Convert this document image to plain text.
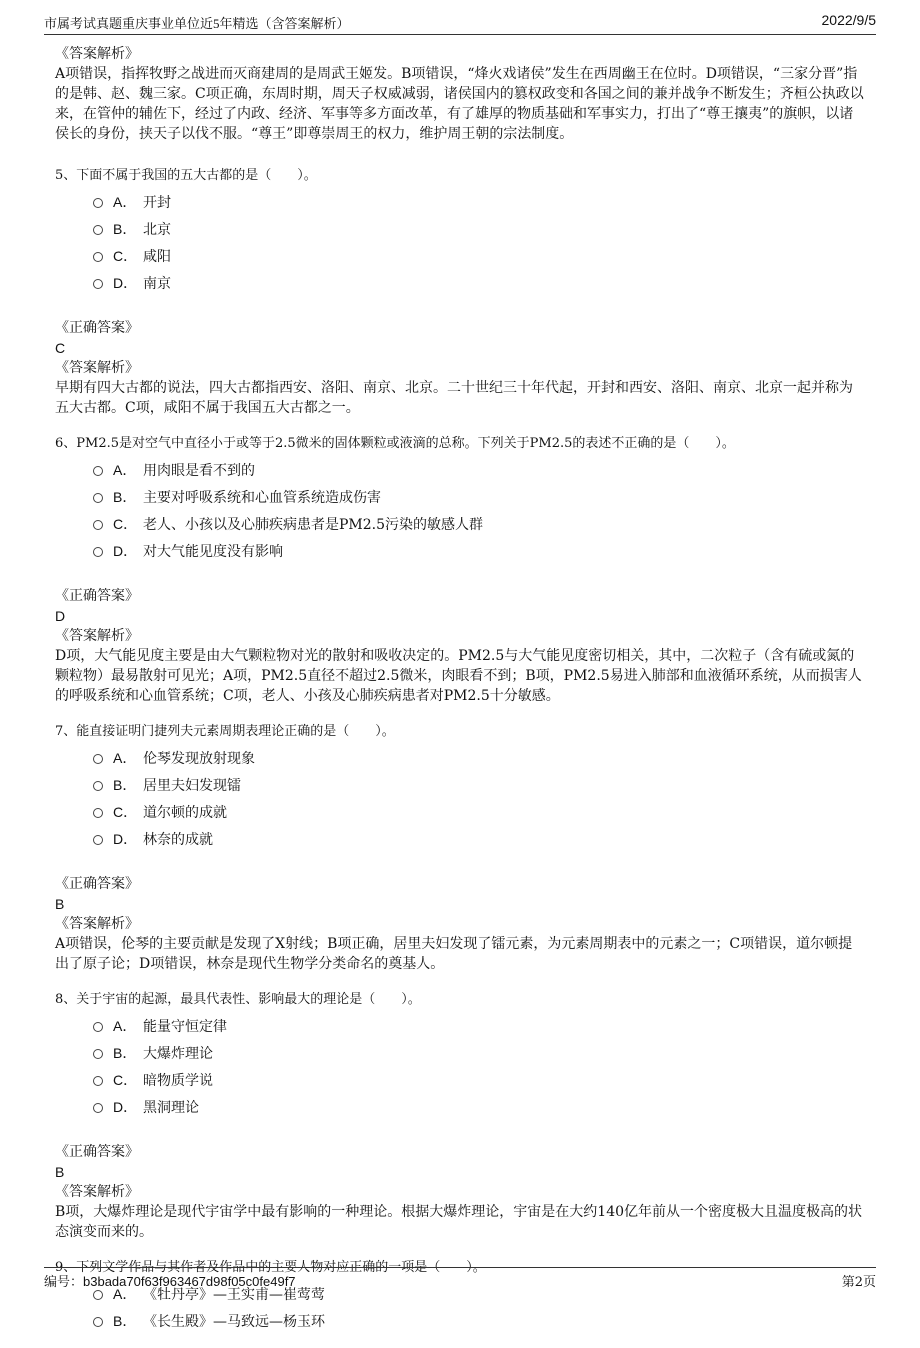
市属考试真题重庆事业单位近5年精选（含答案解析）	2022/9/5

《答案解析》

A项错误，指挥牧野之战进而灭商建周的是周武王姬发。B项错误，“烽火戏诸侯”发生在西周幽王在位时。D项错误，“三家分晋”指的是韩、赵、魏三家。C项正确，东周时期，周天子权威减弱，诸侯国内的篡权政变和各国之间的兼并战争不断发生；齐桓公执政以来，在管仲的辅佐下，经过了内政、经济、军事等多方面改革，有了雄厚的物质基础和军事实力，打出了“尊王攘夷”的旗帜，以诸侯长的身份，挟天子以伐不服。“尊王”即尊崇周王的权力，维护周王朝的宗法制度。

5、下面不属于我国的五大古都的是（　　）。

A． 开封
B． 北京
C． 咸阳
D． 南京

《正确答案》

C

《答案解析》

早期有四大古都的说法，四大古都指西安、洛阳、南京、北京。二十世纪三十年代起，开封和西安、洛阳、南京、北京一起并称为五大古都。C项，咸阳不属于我国五大古都之一。

6、PM2.5是对空气中直径小于或等于2.5微米的固体颗粒或液滴的总称。下列关于PM2.5的表述不正确的是（　　）。

A． 用肉眼是看不到的
B． 主要对呼吸系统和心血管系统造成伤害
C． 老人、小孩以及心肺疾病患者是PM2.5污染的敏感人群
D． 对大气能见度没有影响

《正确答案》

D

《答案解析》

D项，大气能见度主要是由大气颗粒物对光的散射和吸收决定的。PM2.5与大气能见度密切相关，其中，二次粒子（含有硫或氮的颗粒物）最易散射可见光；A项，PM2.5直径不超过2.5微米，肉眼看不到；B项，PM2.5易进入肺部和血液循环系统，从而损害人的呼吸系统和心血管系统；C项，老人、小孩及心肺疾病患者对PM2.5十分敏感。

7、能直接证明门捷列夫元素周期表理论正确的是（　　）。

A． 伦琴发现放射现象
B． 居里夫妇发现镭
C． 道尔顿的成就
D． 林奈的成就

《正确答案》

B

《答案解析》

A项错误，伦琴的主要贡献是发现了X射线；B项正确，居里夫妇发现了镭元素，为元素周期表中的元素之一；C项错误，道尔顿提出了原子论；D项错误，林奈是现代生物学分类命名的奠基人。

8、关于宇宙的起源，最具代表性、影响最大的理论是（　　）。

A． 能量守恒定律
B． 大爆炸理论
C． 暗物质学说
D． 黑洞理论

《正确答案》

B

《答案解析》

B项，大爆炸理论是现代宇宙学中最有影响的一种理论。根据大爆炸理论，宇宙是在大约140亿年前从一个密度极大且温度极高的状态演变而来的。

9、下列文学作品与其作者及作品中的主要人物对应正确的一项是（　　）。

A． 《牡丹亭》—王实甫—崔莺莺
B． 《长生殿》—马致远—杨玉环
编号：b3bada70f63f963467d98f05c0fe49f7	第2页
